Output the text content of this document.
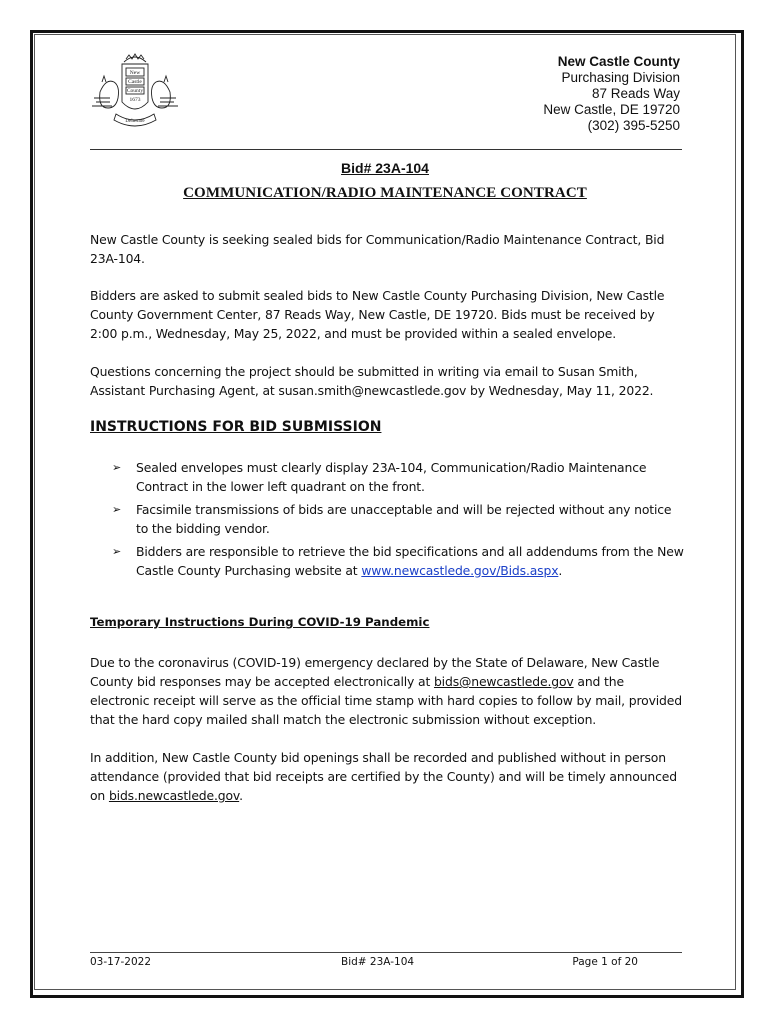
New
Castle
County
1673
Delaware
New Castle County
Purchasing Division
87 Reads Way
New Castle, DE 19720
(302) 395-5250
Bid# 23A-104
COMMUNICATION/RADIO MAINTENANCE CONTRACT

New Castle County is seeking sealed bids for Communication/Radio Maintenance Contract, Bid 23A-104.

Bidders are asked to submit sealed bids to New Castle County Purchasing Division, New Castle County Government Center, 87 Reads Way, New Castle, DE 19720. Bids must be received by 2:00 p.m., Wednesday, May 25, 2022, and must be provided within a sealed envelope.

Questions concerning the project should be submitted in writing via email to Susan Smith, Assistant Purchasing Agent, at susan.smith@newcastlede.gov by Wednesday, May 11, 2022.

INSTRUCTIONS FOR BID SUBMISSION
➢ Sealed envelopes must clearly display 23A-104, Communication/Radio Maintenance Contract in the lower left quadrant on the front.
➢ Facsimile transmissions of bids are unacceptable and will be rejected without any notice to the bidding vendor.
➢ Bidders are responsible to retrieve the bid specifications and all addendums from the New Castle County Purchasing website at www.newcastlede.gov/Bids.aspx.
Temporary Instructions During COVID-19 Pandemic

Due to the coronavirus (COVID-19) emergency declared by the State of Delaware, New Castle County bid responses may be accepted electronically at bids@newcastlede.gov and the electronic receipt will serve as the official time stamp with hard copies to follow by mail, provided that the hard copy mailed shall match the electronic submission without exception.

In addition, New Castle County bid openings shall be recorded and published without in person attendance (provided that bid receipts are certified by the County) and will be timely announced on bids.newcastlede.gov.

03-17-2022	Bid# 23A-104	Page 1 of 20
